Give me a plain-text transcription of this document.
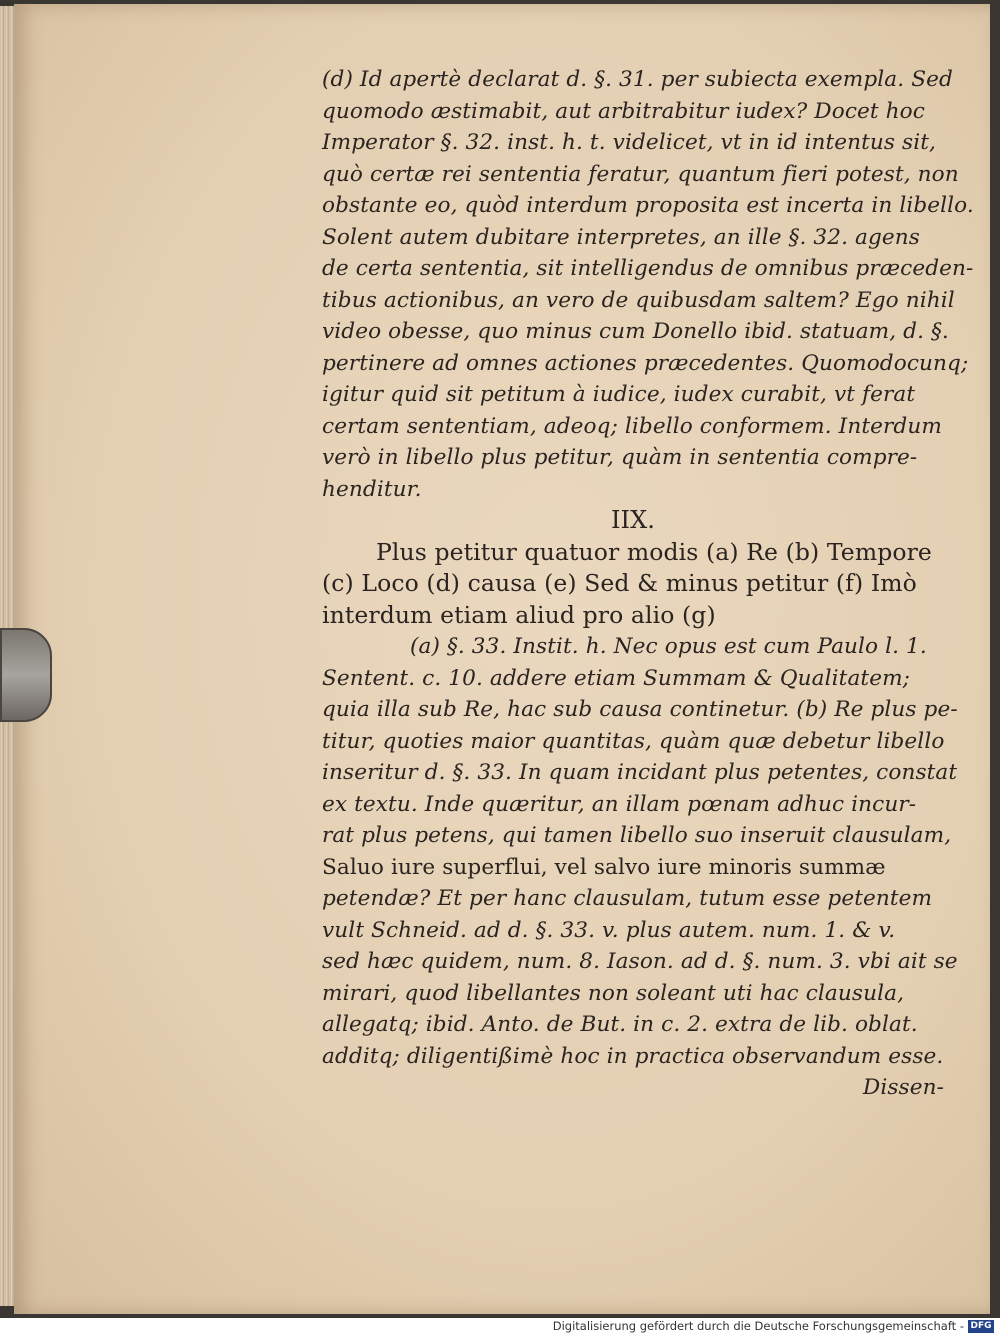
(d) Id apertè declarat d. §. 31. per subiecta exempla. Sed
quomodo æstimabit, aut arbitrabitur iudex? Docet hoc
Imperator §. 32. inst. h. t. videlicet, vt in id intentus sit,
quò certæ rei sententia feratur, quantum fieri potest, non
obstante eo, quòd interdum proposita est incerta in libello.
Solent autem dubitare interpretes, an ille §. 32. agens
de certa sententia, sit intelligendus de omnibus præceden-
tibus actionibus, an vero de quibusdam saltem? Ego nihil
video obesse, quo minus cum Donello ibid. statuam, d. §.
pertinere ad omnes actiones præcedentes. Quomodocunq;
igitur quid sit petitum à iudice, iudex curabit, vt ferat
certam sententiam, adeoq; libello conformem. Interdum
verò in libello plus petitur, quàm in sententia compre-
henditur.
IIX.
Plus petitur quatuor modis (a) Re (b) Tempore
(c) Loco (d) causa (e) Sed & minus petitur (f) Imò
interdum etiam aliud pro alio (g)
(a) §. 33. Instit. h. Nec opus est cum Paulo l. 1.
Sentent. c. 10. addere etiam Summam & Qualitatem;
quia illa sub Re, hac sub causa continetur. (b) Re plus pe-
titur, quoties maior quantitas, quàm quæ debetur libello
inseritur d. §. 33. In quam incidant plus petentes, constat
ex textu. Inde quæritur, an illam pœnam adhuc incur-
rat plus petens, qui tamen libello suo inseruit clausulam,
Saluo iure superflui, vel salvo iure minoris summæ
petendæ? Et per hanc clausulam, tutum esse petentem
vult Schneid. ad d. §. 33. v. plus autem. num. 1. & v.
sed hæc quidem, num. 8. Iason. ad d. §. num. 3. vbi ait se
mirari, quod libellantes non soleant uti hac clausula,
allegatq; ibid. Anto. de But. in c. 2. extra de lib. oblat.
additq; diligentißimè hoc in practica observandum esse.
Dissen-
Digitalisierung gefördert durch die Deutsche Forschungsgemeinschaft - DFG
